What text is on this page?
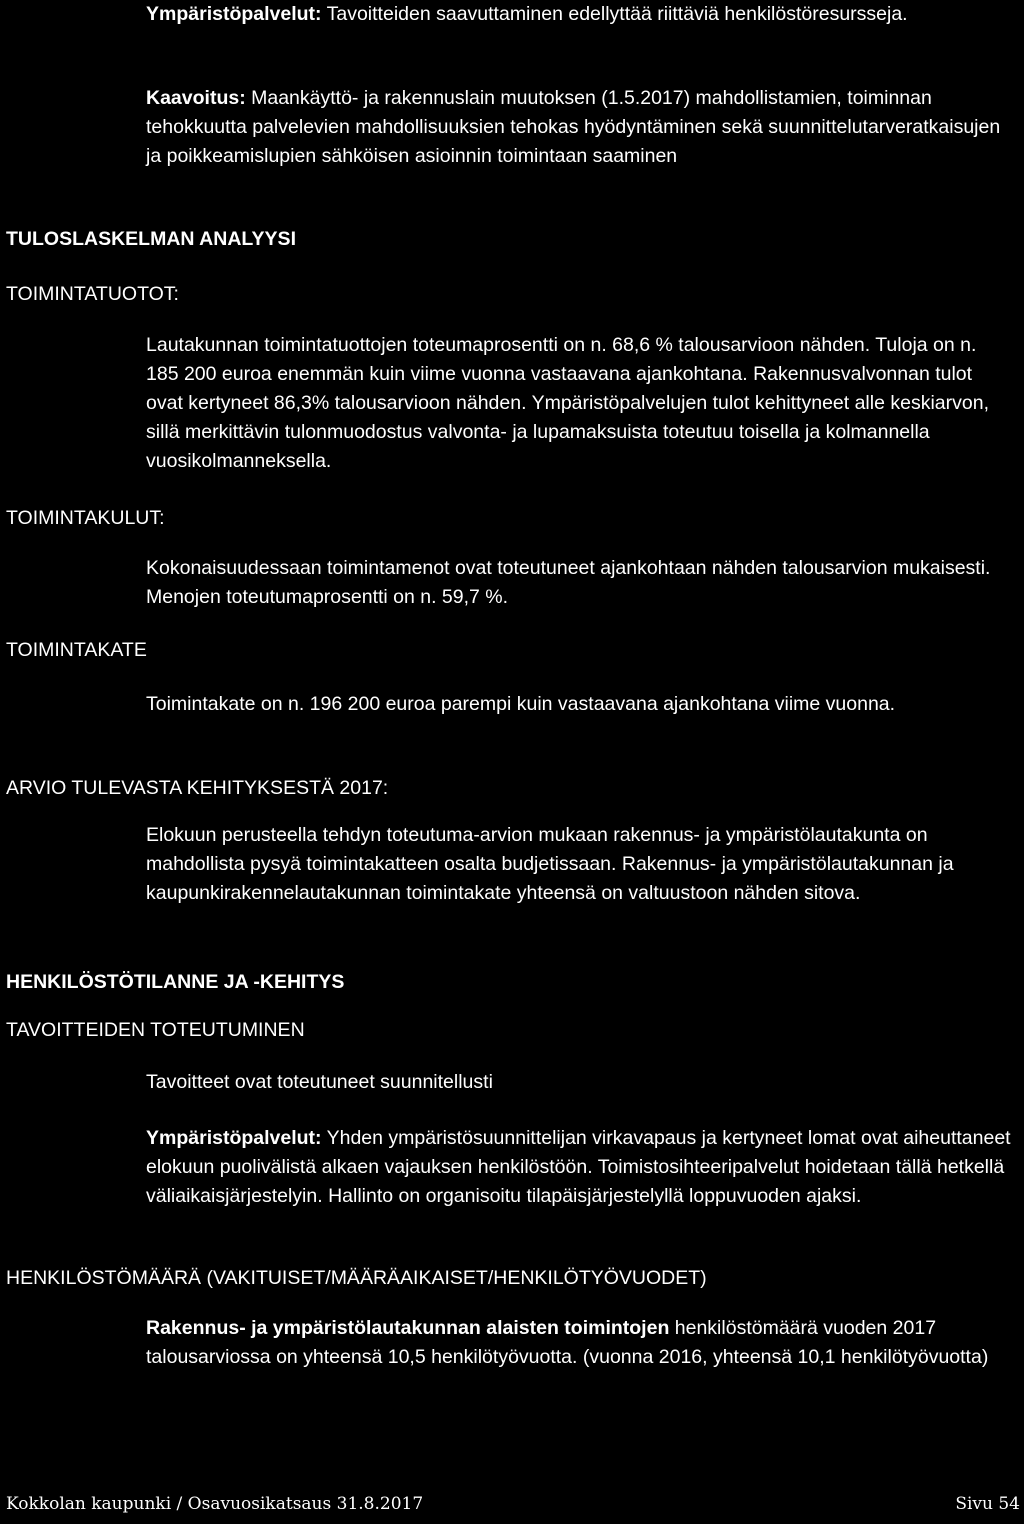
Ympäristöpalvelut: Tavoitteiden saavuttaminen edellyttää riittäviä henkilöstöresursseja.

Kaavoitus: Maankäyttö- ja rakennuslain muutoksen (1.5.2017) mahdollistamien, toiminnan tehokkuutta palvelevien mahdollisuuksien tehokas hyödyntäminen sekä suunnittelutarveratkaisujen ja poikkeamislupien sähköisen asioinnin toimintaan saaminen

TULOSLASKELMAN ANALYYSI
TOIMINTATUOTOT:

Lautakunnan toimintatuottojen toteumaprosentti on n. 68,6 % talousarvioon nähden. Tuloja on n. 185 200 euroa enemmän kuin viime vuonna vastaavana ajankohtana. Rakennusvalvonnan tulot ovat kertyneet 86,3% talousarvioon nähden. Ympäristöpalvelujen tulot kehittyneet alle keskiarvon, sillä merkittävin tulonmuodostus valvonta- ja lupamaksuista toteutuu toisella ja kolmannella vuosikolmanneksella.

TOIMINTAKULUT:

Kokonaisuudessaan toimintamenot ovat toteutuneet ajankohtaan nähden talousarvion mukaisesti. Menojen toteutumaprosentti on n. 59,7 %.

TOIMINTAKATE

Toimintakate on n. 196 200 euroa parempi kuin vastaavana ajankohtana viime vuonna.

ARVIO TULEVASTA KEHITYKSESTÄ 2017:

Elokuun perusteella tehdyn toteutuma-arvion mukaan rakennus- ja ympäristölautakunta on mahdollista pysyä toimintakatteen osalta budjetissaan. Rakennus- ja ympäristölautakunnan ja kaupunkirakennelautakunnan toimintakate yhteensä on valtuustoon nähden sitova.

HENKILÖSTÖTILANNE JA -KEHITYS
TAVOITTEIDEN TOTEUTUMINEN

Tavoitteet ovat toteutuneet suunnitellusti

Ympäristöpalvelut: Yhden ympäristösuunnittelijan virkavapaus ja kertyneet lomat ovat aiheuttaneet elokuun puolivälistä alkaen vajauksen henkilöstöön. Toimistosihteeripalvelut hoidetaan tällä hetkellä väliaikaisjärjestelyin. Hallinto on organisoitu tilapäisjärjestelyllä loppuvuoden ajaksi.

HENKILÖSTÖMÄÄRÄ (VAKITUISET/MÄÄRÄAIKAISET/HENKILÖTYÖVUODET)

Rakennus- ja ympäristölautakunnan alaisten toimintojen henkilöstömäärä vuoden 2017 talousarviossa on yhteensä 10,5 henkilötyövuotta. (vuonna 2016, yhteensä 10,1 henkilötyövuotta)

Kokkolan kaupunki / Osavuosikatsaus 31.8.2017	Sivu 54
